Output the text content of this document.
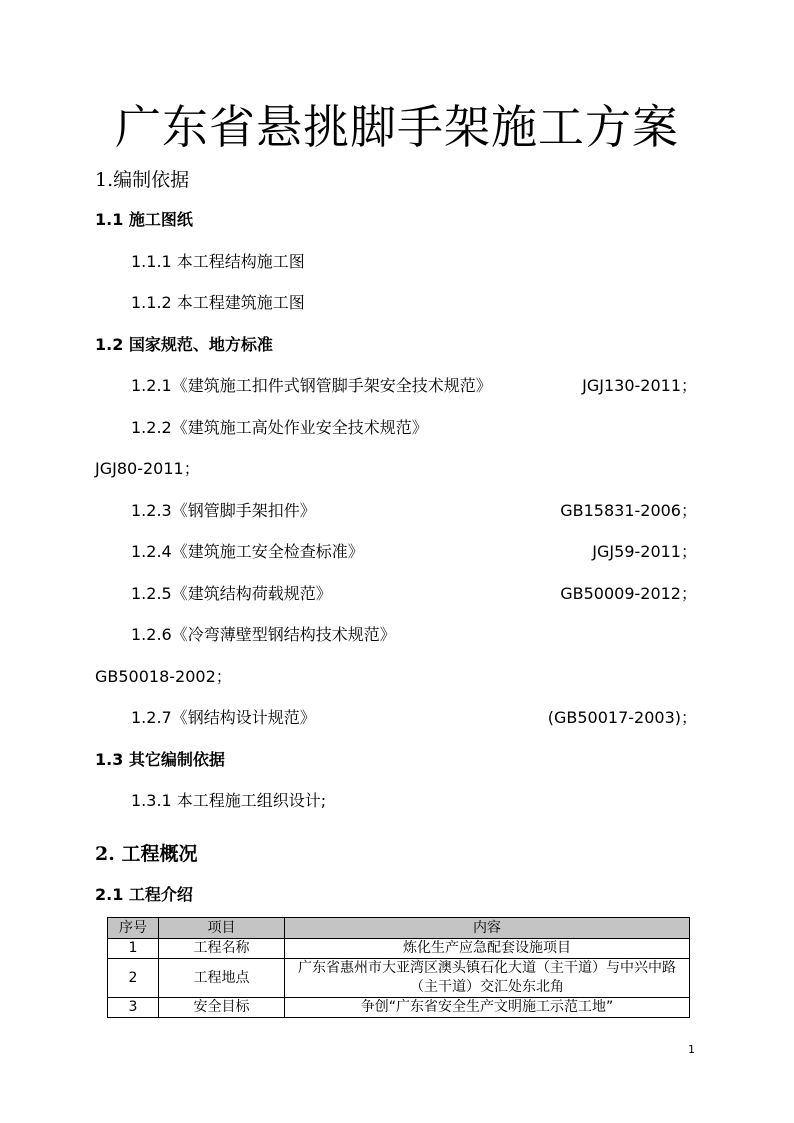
广东省悬挑脚手架施工方案
1.编制依据
1.1 施工图纸
1.1.1 本工程结构施工图
1.1.2 本工程建筑施工图
1.2 国家规范、地方标准
1.2.1《建筑施工扣件式钢管脚手架安全技术规范》	JGJ130-2011；
1.2.2《建筑施工高处作业安全技术规范》
JGJ80-2011；
1.2.3《钢管脚手架扣件》	GB15831-2006；
1.2.4《建筑施工安全检查标准》	JGJ59-2011；
1.2.5《建筑结构荷载规范》	GB50009-2012；
1.2.6《冷弯薄壁型钢结构技术规范》
GB50018-2002；
1.2.7《钢结构设计规范》	(GB50017-2003)；
1.3 其它编制依据
1.3.1 本工程施工组织设计;
2. 工程概况
2.1 工程介绍
序号	项目	内容
1	工程名称	炼化生产应急配套设施项目
2	工程地点	广东省惠州市大亚湾区澳头镇石化大道（主干道）与中兴中路（主干道）交汇处东北角
3	安全目标	争创“广东省安全生产文明施工示范工地”
1
